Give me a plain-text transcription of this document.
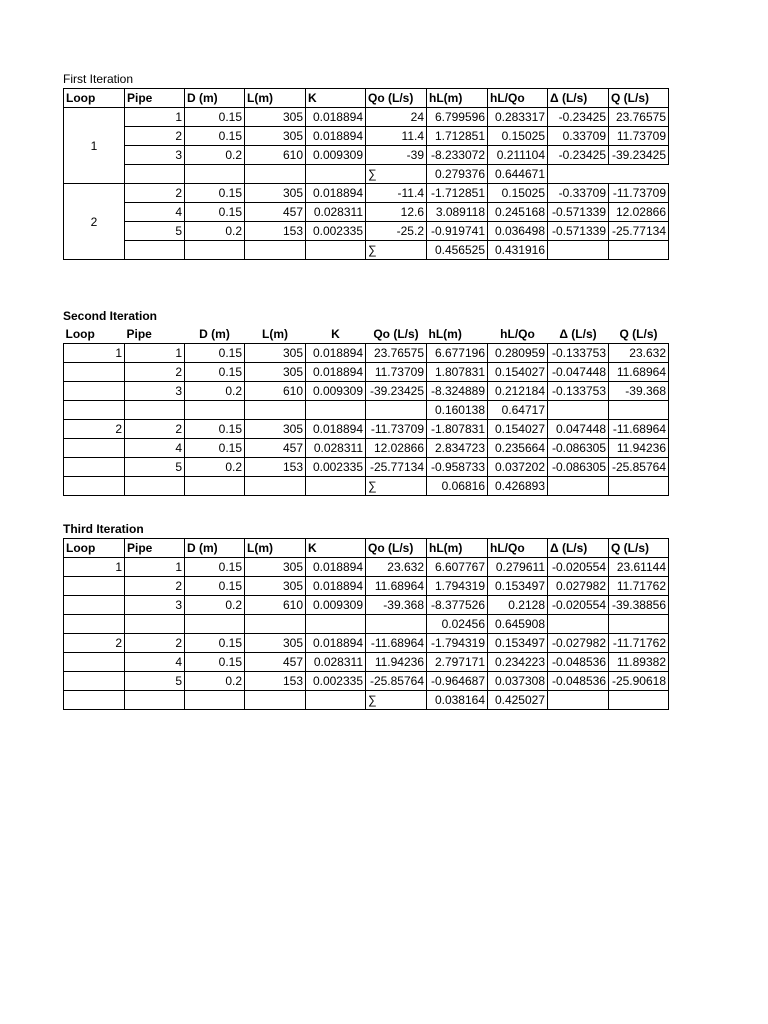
First Iteration
Loop	Pipe	D (m)	L(m)	K	Qo (L/s)	hL(m)	hL/Qo	Δ (L/s)	Q (L/s)
1	1	0.15	305	0.018894	24	6.799596	0.283317	-0.23425	23.76575
	2	0.15	305	0.018894	11.4	1.712851	0.15025	0.33709	11.73709
	3	0.2	610	0.009309	-39	-8.233072	0.211104	-0.23425	-39.23425
					∑	0.279376	0.644671		
2	2	0.15	305	0.018894	-11.4	-1.712851	0.15025	-0.33709	-11.73709
	4	0.15	457	0.028311	12.6	3.089118	0.245168	-0.571339	12.02866
	5	0.2	153	0.002335	-25.2	-0.919741	0.036498	-0.571339	-25.77134
					∑	0.456525	0.431916		
Second Iteration
Loop	Pipe	D (m)	L(m)	K	Qo (L/s)	hL(m)	hL/Qo	Δ (L/s)	Q (L/s)
1	1	0.15	305	0.018894	23.76575	6.677196	0.280959	-0.133753	23.632
	2	0.15	305	0.018894	11.73709	1.807831	0.154027	-0.047448	11.68964
	3	0.2	610	0.009309	-39.23425	-8.324889	0.212184	-0.133753	-39.368
						0.160138	0.64717		
2	2	0.15	305	0.018894	-11.73709	-1.807831	0.154027	0.047448	-11.68964
	4	0.15	457	0.028311	12.02866	2.834723	0.235664	-0.086305	11.94236
	5	0.2	153	0.002335	-25.77134	-0.958733	0.037202	-0.086305	-25.85764
					∑	0.06816	0.426893		
Third Iteration
Loop	Pipe	D (m)	L(m)	K	Qo (L/s)	hL(m)	hL/Qo	Δ (L/s)	Q (L/s)
1	1	0.15	305	0.018894	23.632	6.607767	0.279611	-0.020554	23.61144
	2	0.15	305	0.018894	11.68964	1.794319	0.153497	0.027982	11.71762
	3	0.2	610	0.009309	-39.368	-8.377526	0.2128	-0.020554	-39.38856
						0.02456	0.645908		
2	2	0.15	305	0.018894	-11.68964	-1.794319	0.153497	-0.027982	-11.71762
	4	0.15	457	0.028311	11.94236	2.797171	0.234223	-0.048536	11.89382
	5	0.2	153	0.002335	-25.85764	-0.964687	0.037308	-0.048536	-25.90618
					∑	0.038164	0.425027		
